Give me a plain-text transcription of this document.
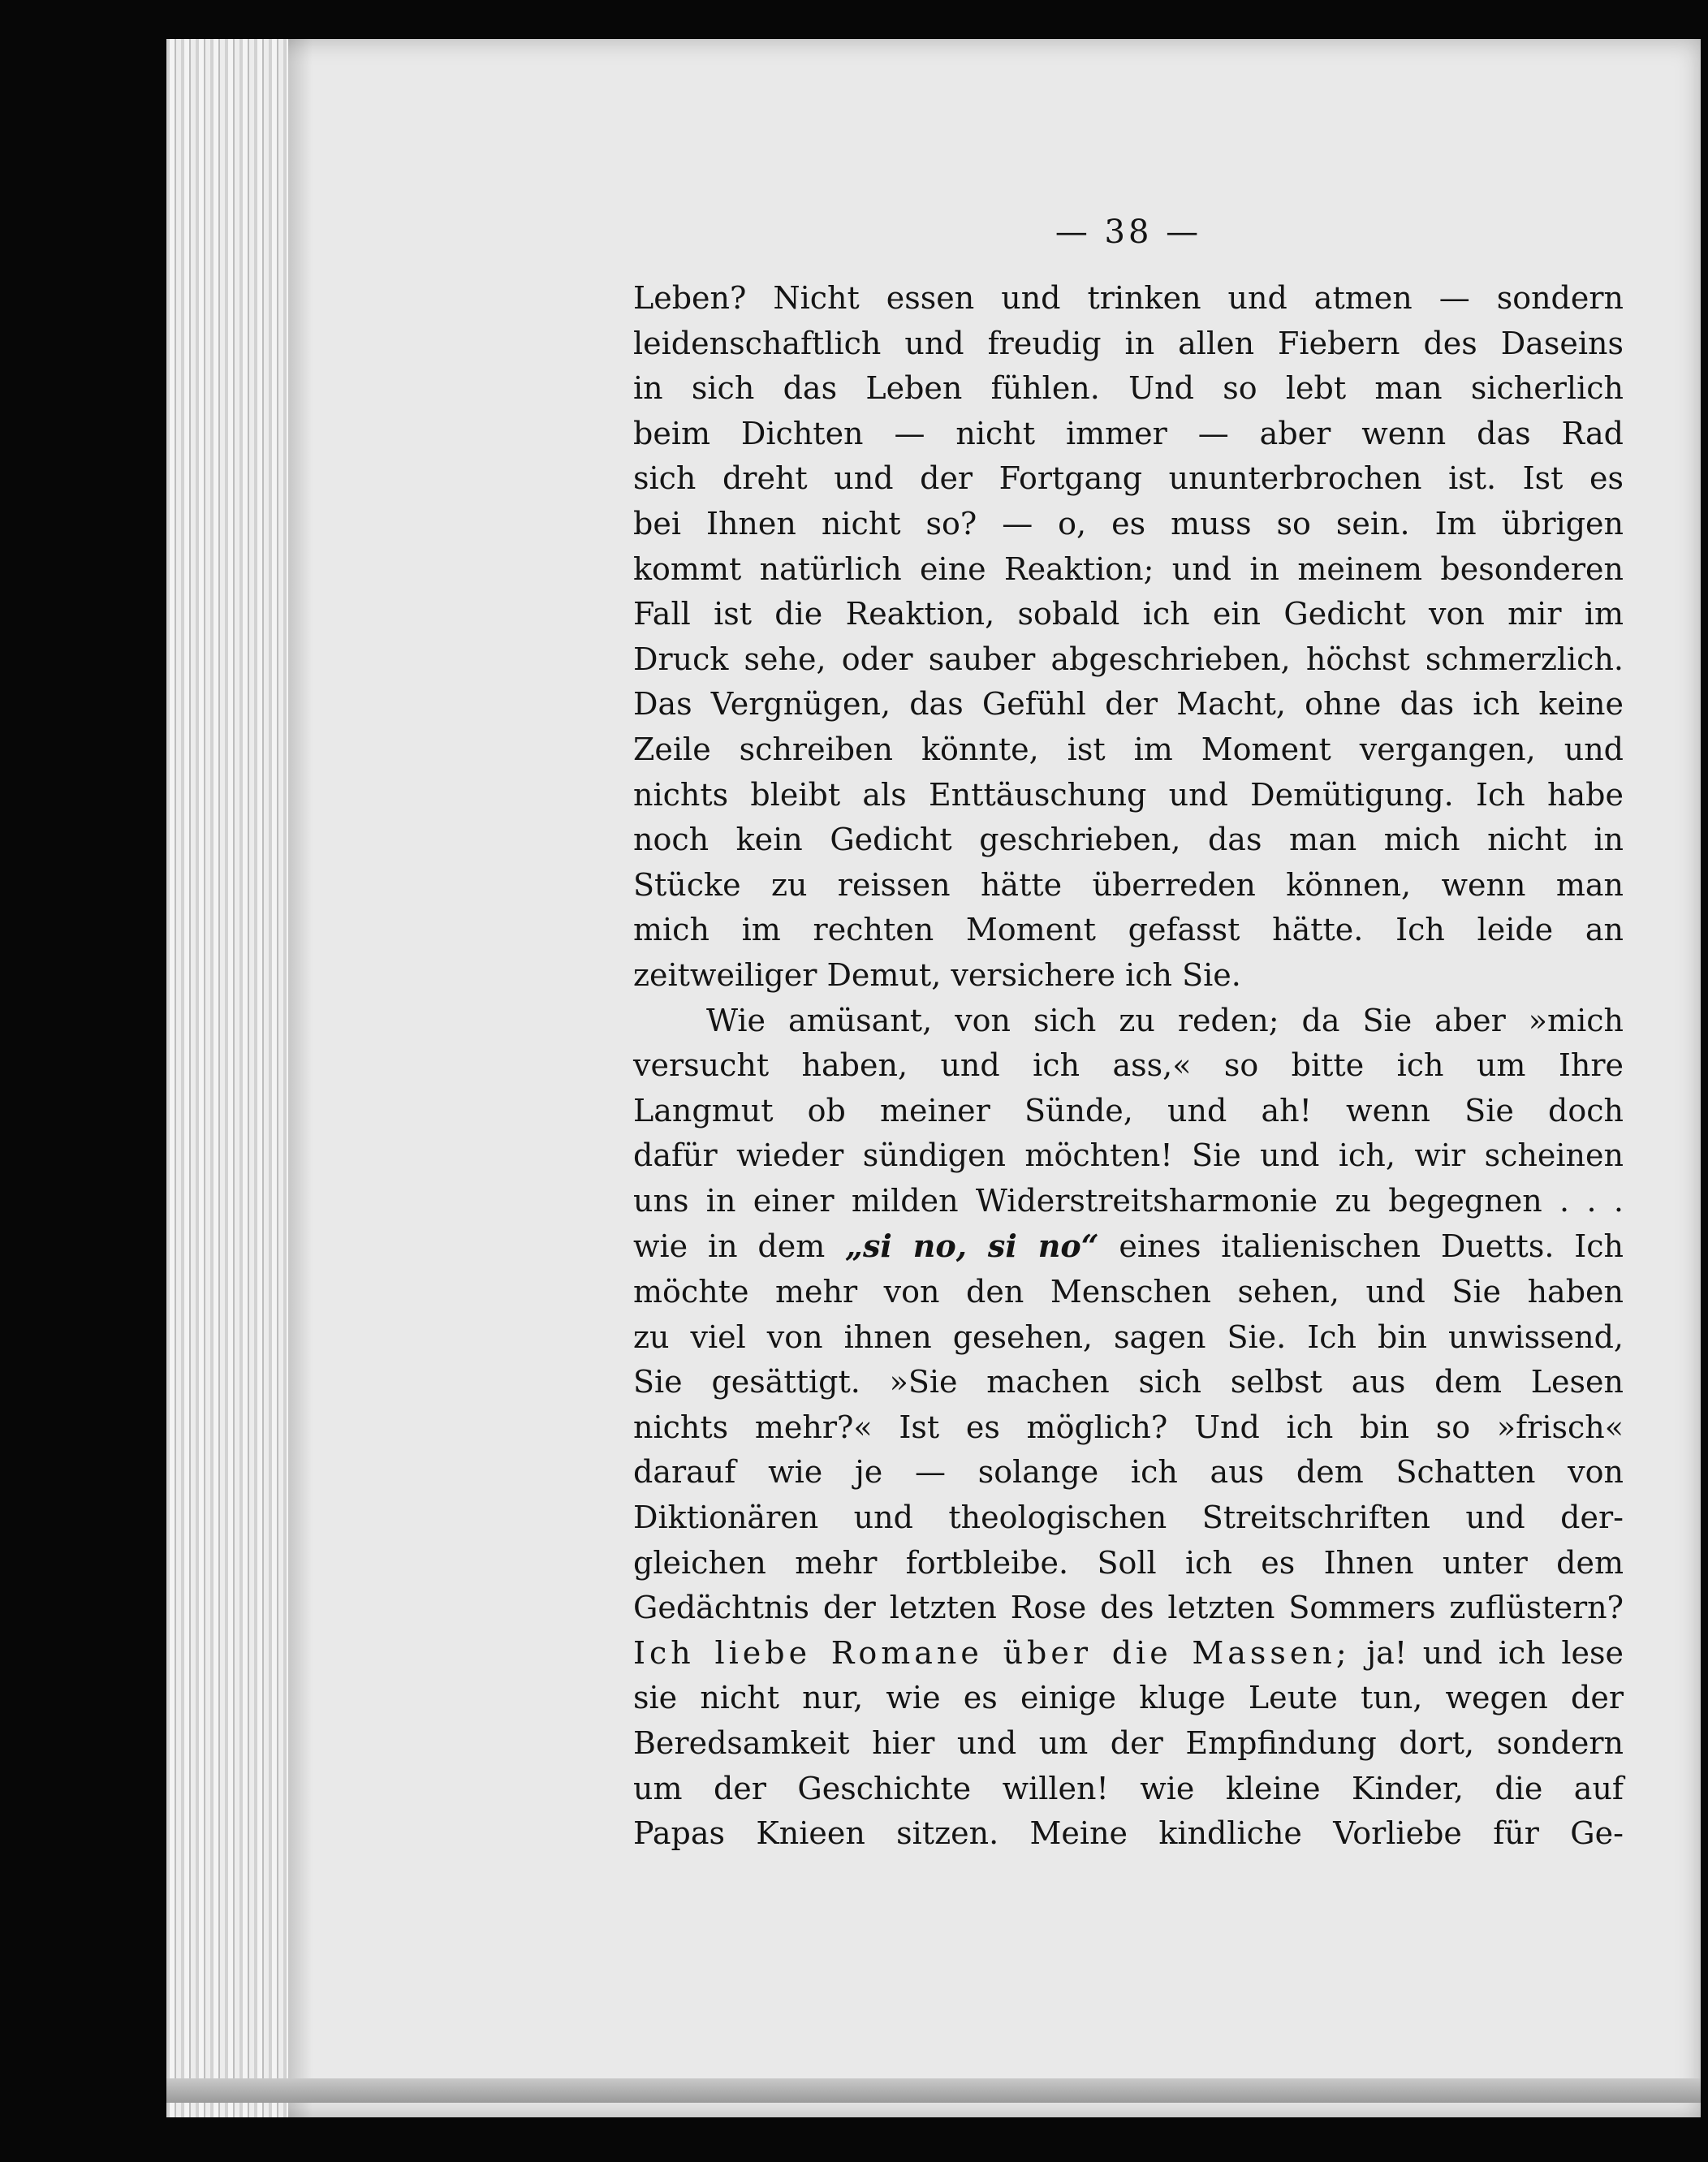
— 38 —

Leben? Nicht essen und trinken und atmen — sondern

leidenschaftlich und freudig in allen Fiebern des Daseins

in sich das Leben fühlen. Und so lebt man sicherlich

beim Dichten — nicht immer — aber wenn das Rad

sich dreht und der Fortgang ununterbrochen ist. Ist es

bei Ihnen nicht so? — o, es muss so sein. Im übrigen

kommt natürlich eine Reaktion; und in meinem besonderen

Fall ist die Reaktion, sobald ich ein Gedicht von mir im

Druck sehe, oder sauber abgeschrieben, höchst schmerzlich.

Das Vergnügen, das Gefühl der Macht, ohne das ich keine

Zeile schreiben könnte, ist im Moment vergangen, und

nichts bleibt als Enttäuschung und Demütigung. Ich habe

noch kein Gedicht geschrieben, das man mich nicht in

Stücke zu reissen hätte überreden können, wenn man

mich im rechten Moment gefasst hätte. Ich leide an

zeitweiliger Demut, versichere ich Sie.

Wie amüsant, von sich zu reden; da Sie aber »mich

versucht haben, und ich ass,« so bitte ich um Ihre

Langmut ob meiner Sünde, und ah! wenn Sie doch

dafür wieder sündigen möchten! Sie und ich, wir scheinen

uns in einer milden Widerstreitsharmonie zu begegnen . . .

wie in dem „si no, si no“ eines italienischen Duetts. Ich

möchte mehr von den Menschen sehen, und Sie haben

zu viel von ihnen gesehen, sagen Sie. Ich bin unwissend,

Sie gesättigt. »Sie machen sich selbst aus dem Lesen

nichts mehr?« Ist es möglich? Und ich bin so »frisch«

darauf wie je — solange ich aus dem Schatten von

Diktionären und theologischen Streitschriften und der-

gleichen mehr fortbleibe. Soll ich es Ihnen unter dem

Gedächtnis der letzten Rose des letzten Sommers zuflüstern?

Ich liebe Romane über die Massen; ja! und ich lese

sie nicht nur, wie es einige kluge Leute tun, wegen der

Beredsamkeit hier und um der Empfindung dort, sondern

um der Geschichte willen! wie kleine Kinder, die auf

Papas Knieen sitzen. Meine kindliche Vorliebe für Ge-
